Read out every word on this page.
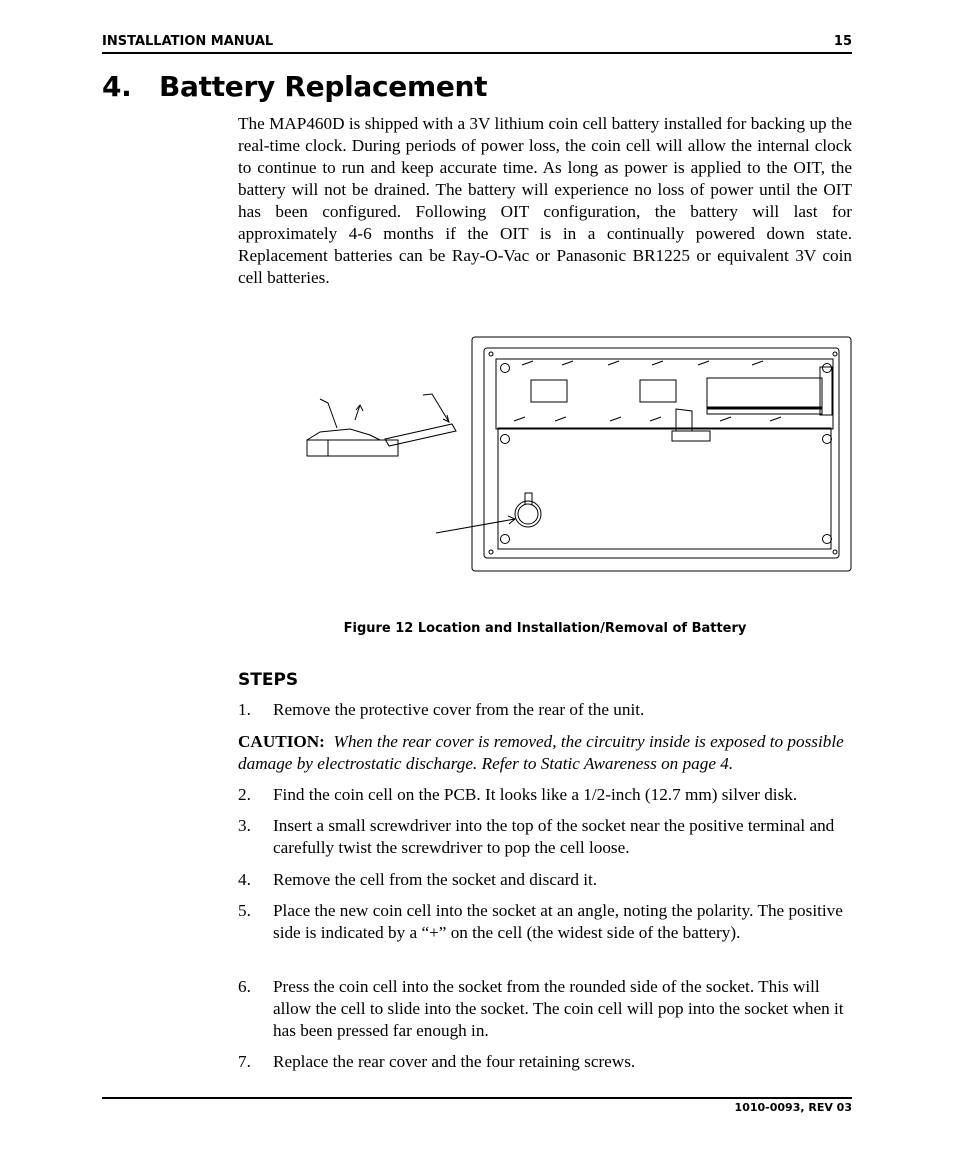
INSTALLATION MANUAL	15
4. Battery Replacement

The MAP460D is shipped with a 3V lithium coin cell battery installed for backing up the real-time clock. During periods of power loss, the coin cell will allow the internal clock to continue to run and keep accurate time. As long as power is applied to the OIT, the battery will not be drained. The battery will experience no loss of power until the OIT has been configured. Following OIT configuration, the battery will last for approximately 4-6 months if the OIT is in a continually powered down state. Replacement batteries can be Ray-O-Vac or Panasonic BR1225 or equivalent 3V coin cell batteries.

Figure 12 Location and Installation/Removal of Battery
STEPS
1. Remove the protective cover from the rear of the unit.

CAUTION: When the rear cover is removed, the circuitry inside is exposed to possible damage by electrostatic discharge. Refer to Static Awareness on page 4.

2. Find the coin cell on the PCB. It looks like a 1/2-inch (12.7 mm) silver disk.
3. Insert a small screwdriver into the top of the socket near the positive terminal and carefully twist the screwdriver to pop the cell loose.
4. Remove the cell from the socket and discard it.
5. Place the new coin cell into the socket at an angle, noting the polarity. The positive side is indicated by a “+” on the cell (the widest side of the battery).
6. Press the coin cell into the socket from the rounded side of the socket. This will allow the cell to slide into the socket. The coin cell will pop into the socket when it has been pressed far enough in.
7. Replace the rear cover and the four retaining screws.
1010-0093, REV 03
